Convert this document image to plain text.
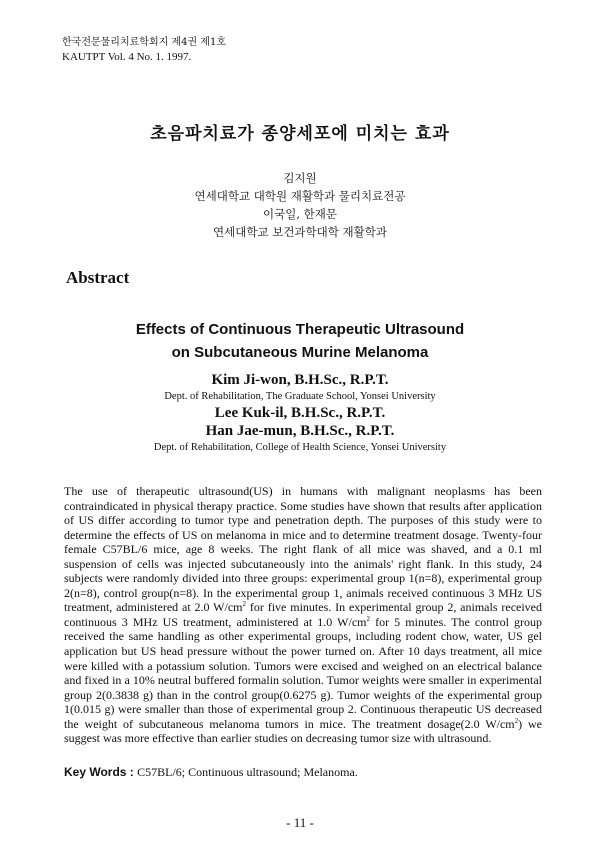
한국전문물리치료학회지 제4권 제1호
KAUTPT Vol. 4 No. 1. 1997.
초음파치료가 종양세포에 미치는 효과
김지원
연세대학교 대학원 재활학과 물리치료전공
이국일, 한재문
연세대학교 보건과학대학 재활학과
Abstract
Effects of Continuous Therapeutic Ultrasound
on Subcutaneous Murine Melanoma
Kim Ji-won, B.H.Sc., R.P.T.
Dept. of Rehabilitation, The Graduate School, Yonsei University
Lee Kuk-il, B.H.Sc., R.P.T.
Han Jae-mun, B.H.Sc., R.P.T.
Dept. of Rehabilitation, College of Health Science, Yonsei University
The use of therapeutic ultrasound(US) in humans with malignant neoplasms has been contraindicated in physical therapy practice. Some studies have shown that results after application of US differ according to tumor type and penetration depth. The purposes of this study were to determine the effects of US on melanoma in mice and to determine treatment dosage. Twenty-four female C57BL/6 mice, age 8 weeks. The right flank of all mice was shaved, and a 0.1 ml suspension of cells was injected subcutaneously into the animals' right flank. In this study, 24 subjects were randomly divided into three groups: experimental group 1(n=8), experimental group 2(n=8), control group(n=8). In the experimental group 1, animals received continuous 3 MHz US treatment, administered at 2.0 $W/cm^2$ for five minutes. In experimental group 2, animals received continuous 3 MHz US treatment, administered at 1.0 $W/cm^2$ for 5 minutes. The control group received the same handling as other experimental groups, including rodent chow, water, US gel application but US head pressure without the power turned on. After 10 days treatment, all mice were killed with a potassium solution. Tumors were excised and weighed on an electrical balance and fixed in a 10% neutral buffered formalin solution. Tumor weights were smaller in experimental group 2(0.3838 g) than in the control group(0.6275 g). Tumor weights of the experimental group 1(0.015 g) were smaller than those of experimental group 2. Continuous therapeutic US decreased the weight of subcutaneous melanoma tumors in mice. The treatment dosage(2.0 $W/cm^2$) we suggest was more effective than earlier studies on decreasing tumor size with ultrasound.
Key Words : C57BL/6; Continuous ultrasound; Melanoma.
- 11 -
